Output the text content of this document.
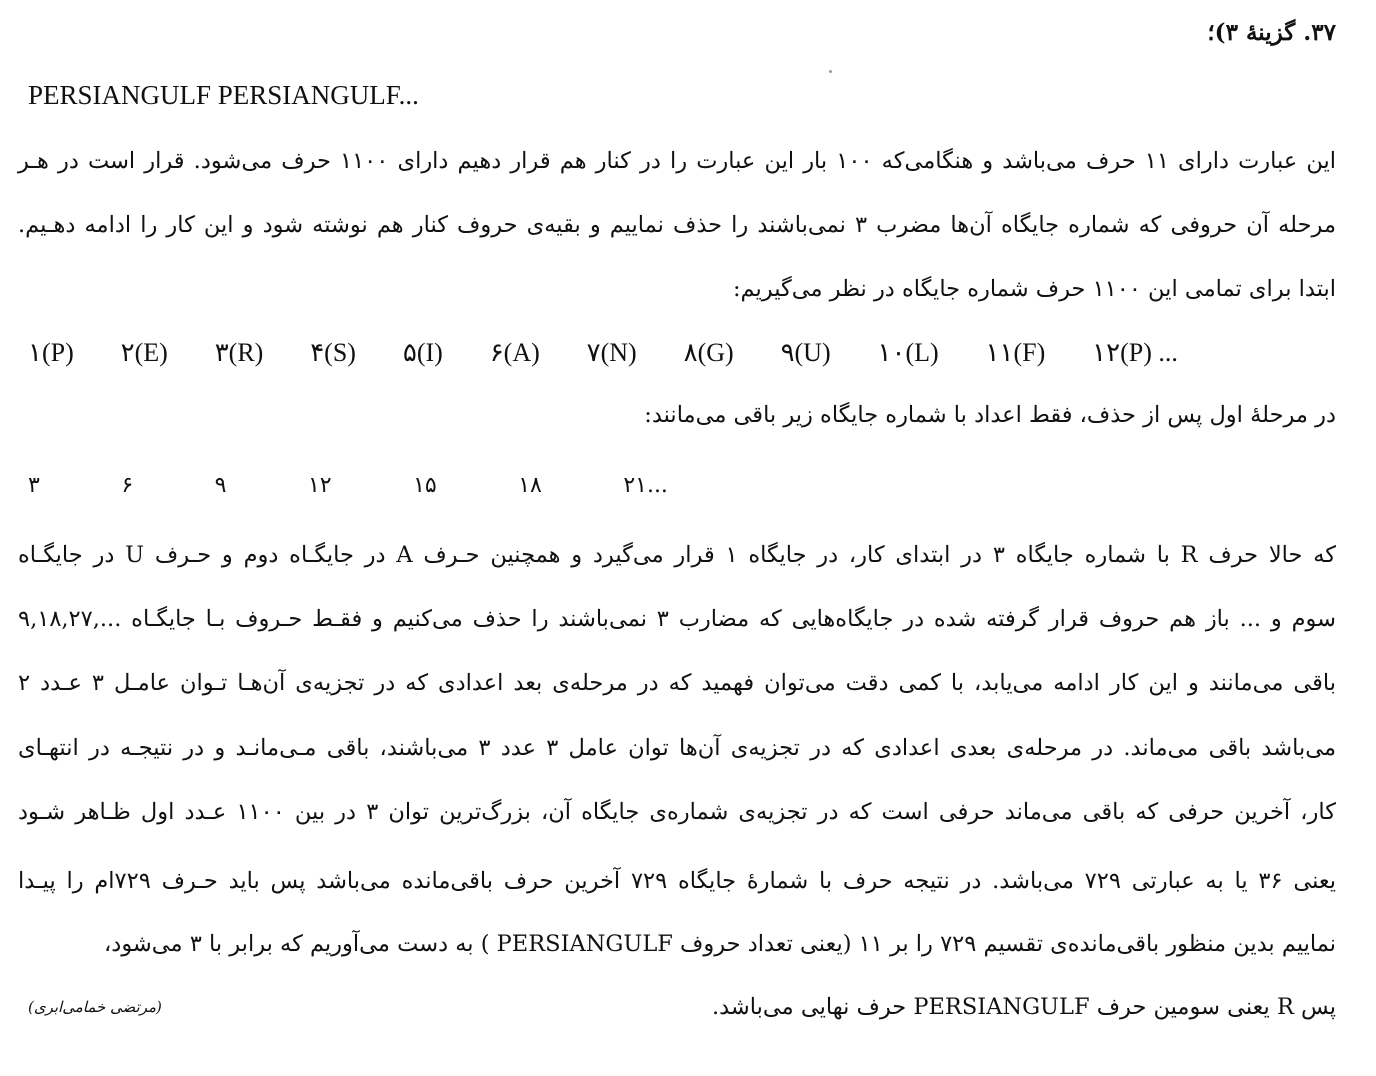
۳۷. گزینهٔ ۳)؛
PERSIANGULF PERSIANGULF...
این عبارت دارای ۱۱ حرف می‌باشد و هنگامی‌که ۱۰۰ بار این عبارت را در کنار هم قرار دهیم دارای ۱۱۰۰ حرف می‌شود. قرار است در هـر
مرحله آن حروفی که شماره جایگاه آن‌ها مضرب ۳ نمی‌باشند را حذف نماییم و بقیه‌ی حروف کنار هم نوشته شود و این کار را ادامه دهـیم.
ابتدا برای تمامی این ۱۱۰۰ حرف شماره جایگاه در نظر می‌گیریم:
۱(P) ۲(E) ۳(R) ۴(S) ۵(I) ۶(A) ۷(N) ۸(G) ۹(U) ۱۰(L) ۱۱(F) ۱۲(P) ...
در مرحلهٔ اول پس از حذف، فقط اعداد با شماره جایگاه زیر باقی می‌مانند:
۳	۶	۹	۱۲	۱۵	۱۸	۲۱...
که حالا حرف R با شماره جایگاه ۳ در ابتدای کار، در جایگاه ۱ قرار می‌گیرد و همچنین حـرف A در جایگـاه دوم و حـرف U در جایگـاه
سوم و ... باز هم حروف قرار گرفته شده در جایگاه‌هایی که مضارب ۳ نمی‌باشند را حذف می‌کنیم و فقـط حـروف بـا جایگـاه ...,۹,۱۸,۲۷
باقی می‌مانند و این کار ادامه می‌یابد، با کمی دقت می‌توان فهمید که در مرحله‌ی بعد اعدادی که در تجزیه‌ی آن‌هـا تـوان عامـل ۳ عـدد ۲
می‌باشد باقی می‌ماند. در مرحله‌ی بعدی اعدادی که در تجزیه‌ی آن‌ها توان عامل ۳ عدد ۳ می‌باشند، باقی مـی‌مانـد و در نتیجـه در انتهـای
کار، آخرین حرفی که باقی می‌ماند حرفی است که در تجزیه‌ی شماره‌ی جایگاه آن، بزرگ‌ترین توان ۳ در بین ۱۱۰۰ عـدد اول ظـاهر شـود
یعنی ۳۶ یا به عبارتی ۷۲۹ می‌باشد. در نتیجه حرف با شمارهٔ جایگاه ۷۲۹ آخرین حرف باقی‌مانده می‌باشد پس باید حـرف ۷۲۹ام را پیـدا
نماییم بدین منظور باقی‌مانده‌ی تقسیم ۷۲۹ را بر ۱۱ (یعنی تعداد حروف PERSIANGULF ) به دست می‌آوریم که برابر با ۳ می‌شود،
پس R یعنی سومین حرف PERSIANGULF حرف نهایی می‌باشد.
(مرتضی خمامی‌ابری)
